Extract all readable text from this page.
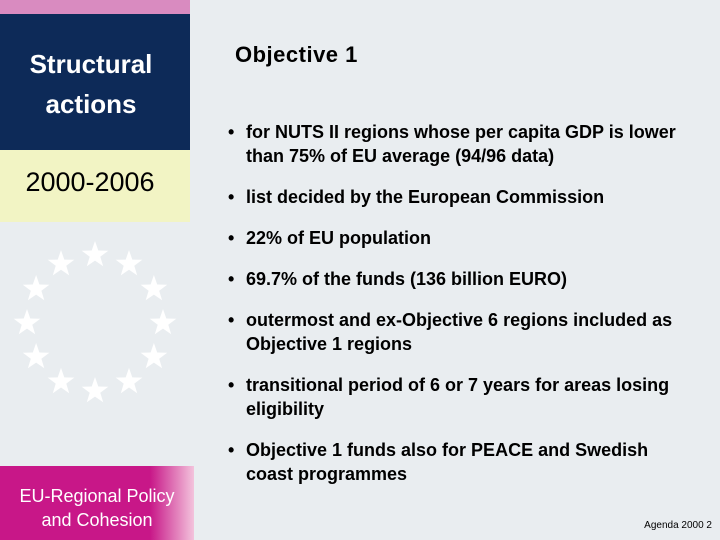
Structural actions
2000-2006
EU-Regional Policy
and Cohesion
Objective 1
• for NUTS II regions whose per capita GDP is lower than 75% of EU average (94/96 data)
• list decided by the European Commission
• 22% of EU population
• 69.7% of the funds (136 billion EURO)
• outermost and ex-Objective 6 regions included as Objective 1 regions
• transitional period of 6 or 7 years for areas losing eligibility
• Objective 1 funds also for PEACE and Swedish coast programmes
Agenda 2000 2
